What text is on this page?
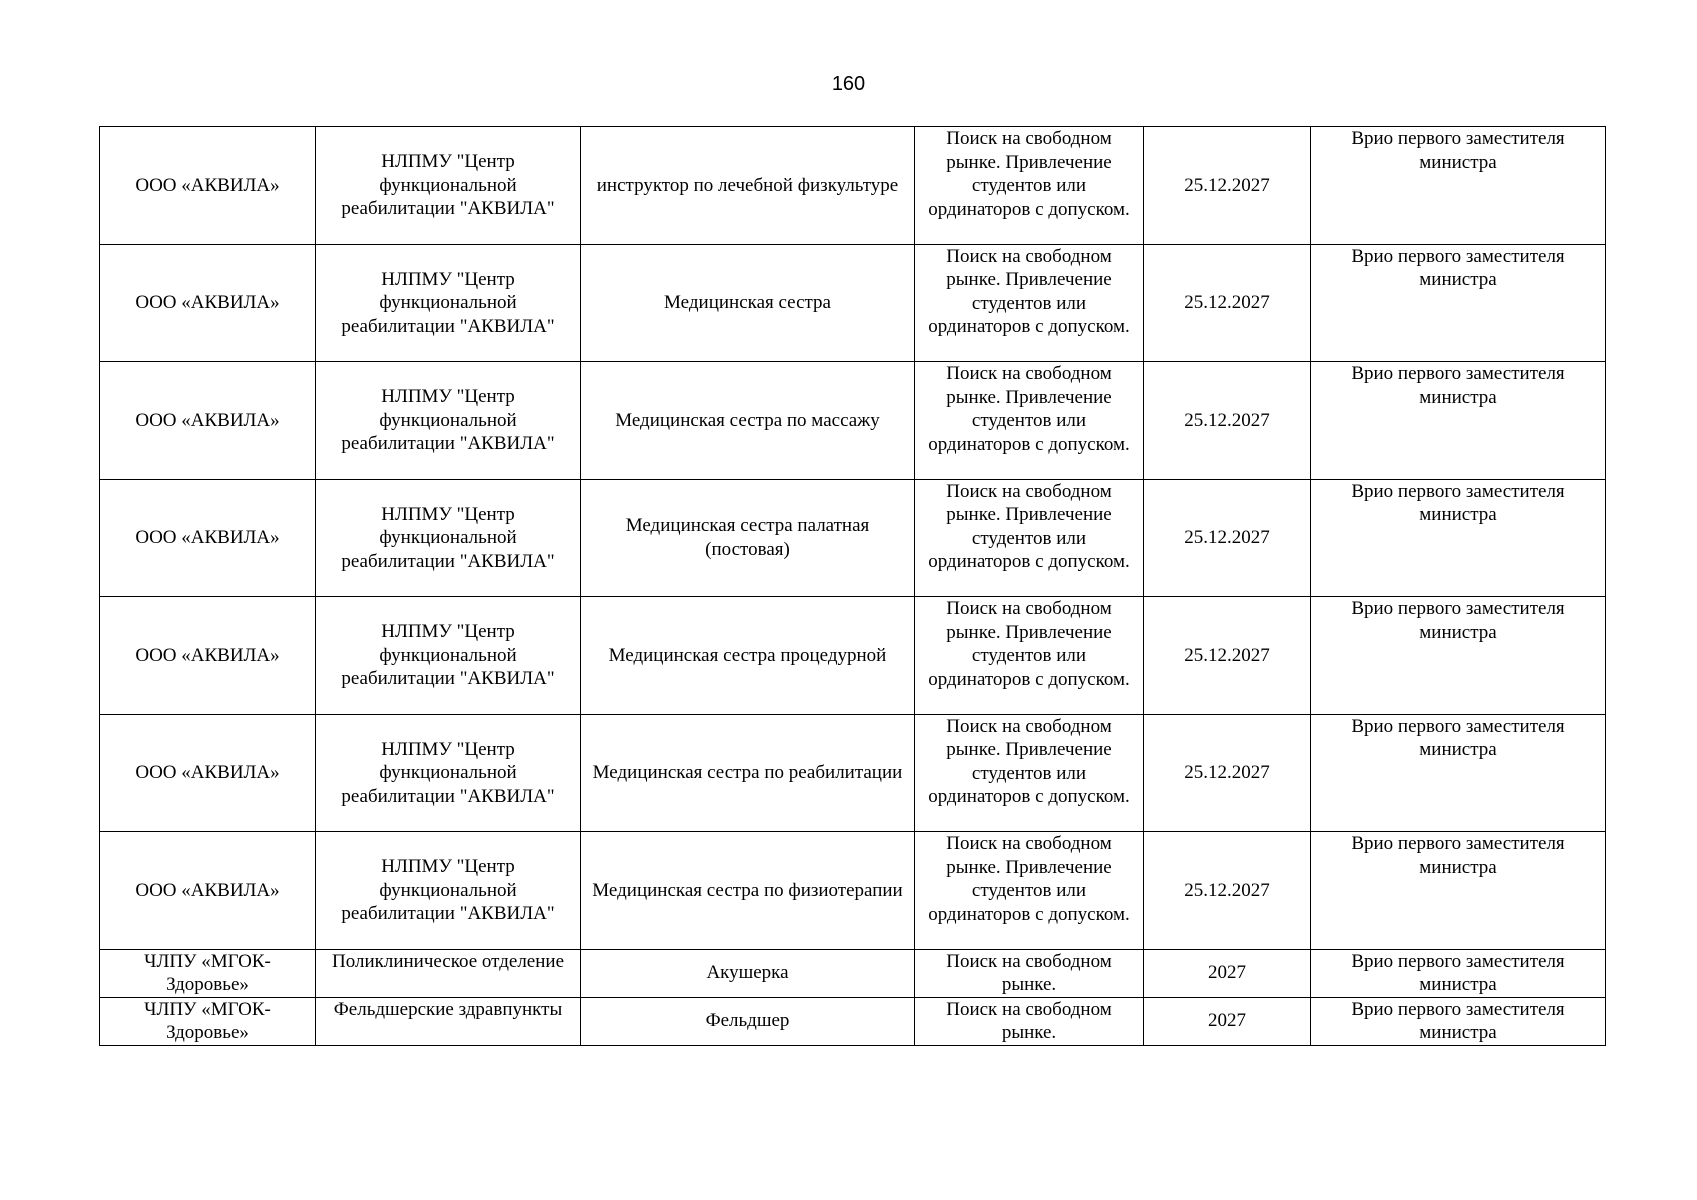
160
ООО «АКВИЛА»	НЛПМУ "Центр функциональной реабилитации "АКВИЛА"	инструктор по лечебной физкультуре	Поиск на свободном рынке. Привлечение студентов или ординаторов с допуском.	25.12.2027	Врио первого заместителя министра
ООО «АКВИЛА»	НЛПМУ "Центр функциональной реабилитации "АКВИЛА"	Медицинская сестра	Поиск на свободном рынке. Привлечение студентов или ординаторов с допуском.	25.12.2027	Врио первого заместителя министра
ООО «АКВИЛА»	НЛПМУ "Центр функциональной реабилитации "АКВИЛА"	Медицинская сестра по массажу	Поиск на свободном рынке. Привлечение студентов или ординаторов с допуском.	25.12.2027	Врио первого заместителя министра
ООО «АКВИЛА»	НЛПМУ "Центр функциональной реабилитации "АКВИЛА"	Медицинская сестра палатная (постовая)	Поиск на свободном рынке. Привлечение студентов или ординаторов с допуском.	25.12.2027	Врио первого заместителя министра
ООО «АКВИЛА»	НЛПМУ "Центр функциональной реабилитации "АКВИЛА"	Медицинская сестра процедурной	Поиск на свободном рынке. Привлечение студентов или ординаторов с допуском.	25.12.2027	Врио первого заместителя министра
ООО «АКВИЛА»	НЛПМУ "Центр функциональной реабилитации "АКВИЛА"	Медицинская сестра по реабилитации	Поиск на свободном рынке. Привлечение студентов или ординаторов с допуском.	25.12.2027	Врио первого заместителя министра
ООО «АКВИЛА»	НЛПМУ "Центр функциональной реабилитации "АКВИЛА"	Медицинская сестра по физиотерапии	Поиск на свободном рынке. Привлечение студентов или ординаторов с допуском.	25.12.2027	Врио первого заместителя министра
ЧЛПУ «МГОК-Здоровье»	Поликлиническое отделение	Акушерка	Поиск на свободном рынке.	2027	Врио первого заместителя министра
ЧЛПУ «МГОК-Здоровье»	Фельдшерские здравпункты	Фельдшер	Поиск на свободном рынке.	2027	Врио первого заместителя министра
